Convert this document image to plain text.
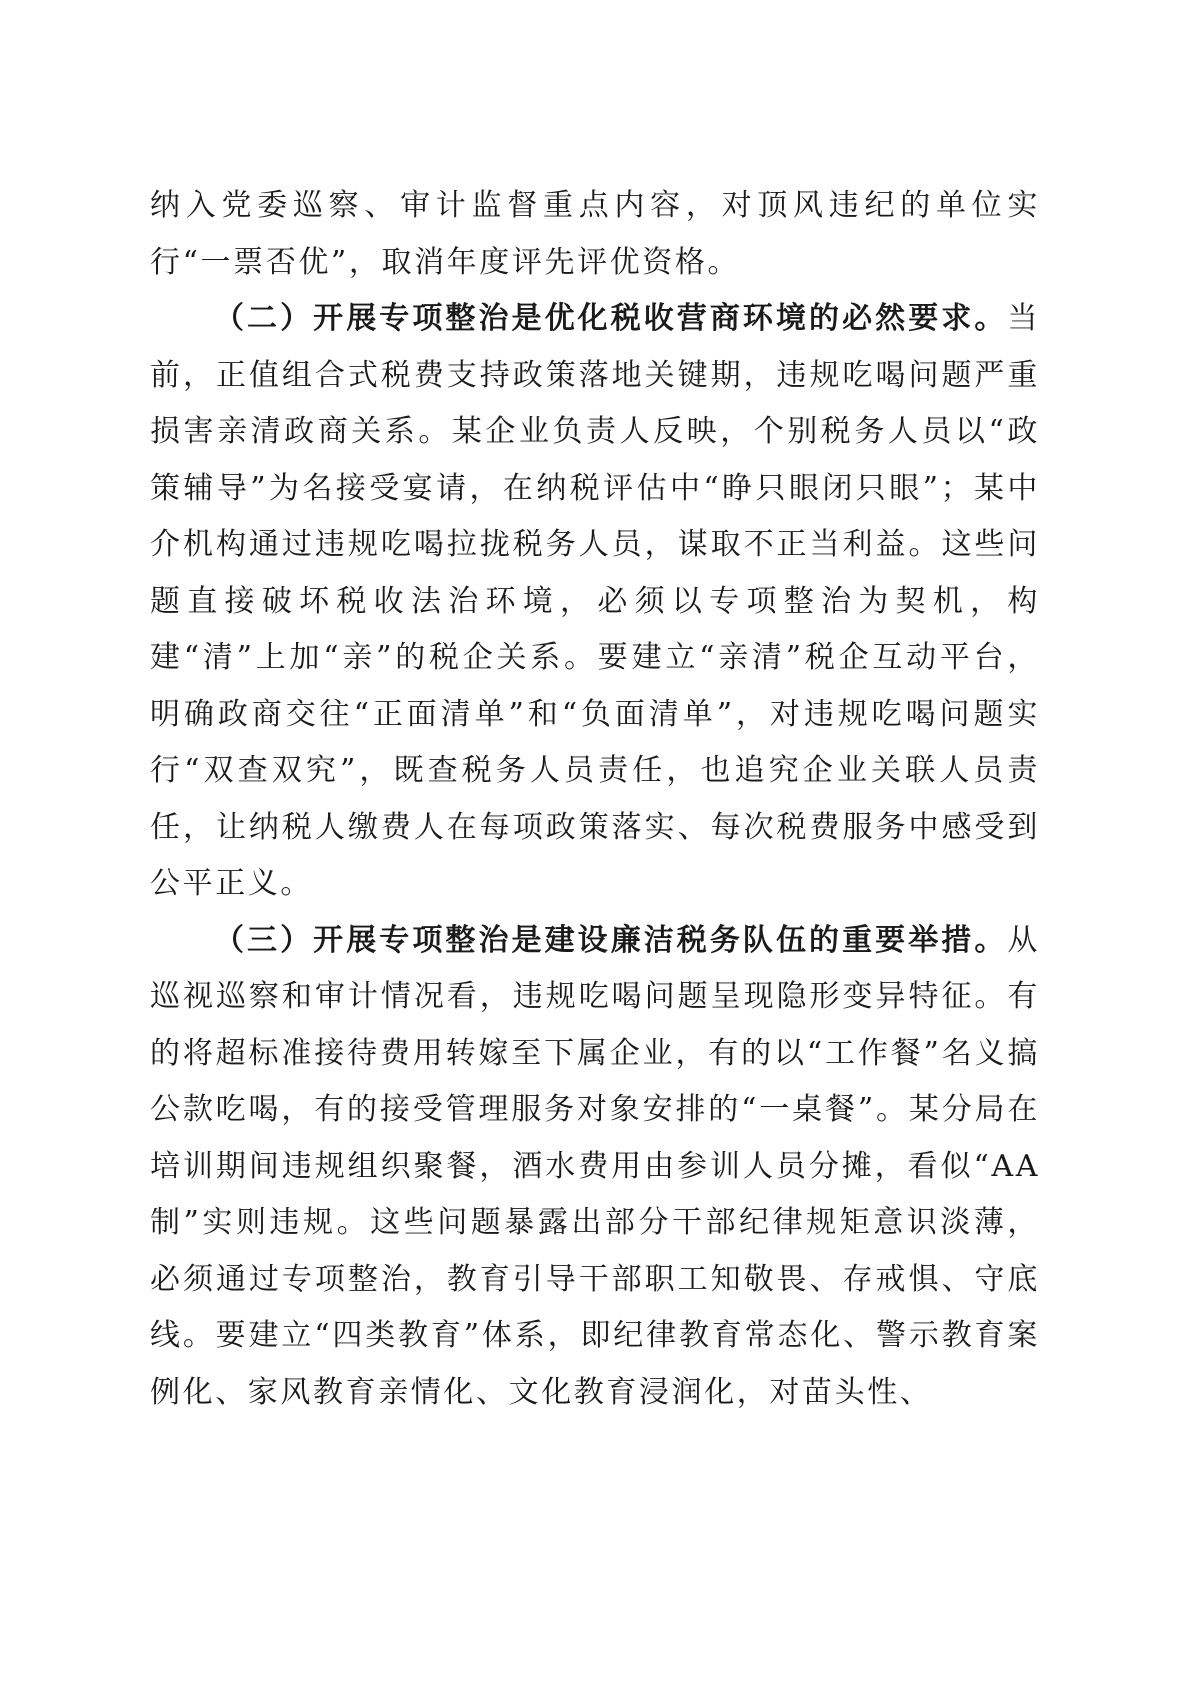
纳入党委巡察、审计监督重点内容，对顶风违纪的单位实行“一票否优”，取消年度评先评优资格。

（二）开展专项整治是优化税收营商环境的必然要求。当前，正值组合式税费支持政策落地关键期，违规吃喝问题严重损害亲清政商关系。某企业负责人反映，个别税务人员以“政策辅导”为名接受宴请，在纳税评估中“睁只眼闭只眼”；某中介机构通过违规吃喝拉拢税务人员，谋取不正当利益。这些问题直接破坏税收法治环境，必须以专项整治为契机，构建“清”上加“亲”的税企关系。要建立“亲清”税企互动平台，明确政商交往“正面清单”和“负面清单”，对违规吃喝问题实行“双查双究”，既查税务人员责任，也追究企业关联人员责任，让纳税人缴费人在每项政策落实、每次税费服务中感受到公平正义。

（三）开展专项整治是建设廉洁税务队伍的重要举措。从巡视巡察和审计情况看，违规吃喝问题呈现隐形变异特征。有的将超标准接待费用转嫁至下属企业，有的以“工作餐”名义搞公款吃喝，有的接受管理服务对象安排的“一桌餐”。某分局在培训期间违规组织聚餐，酒水费用由参训人员分摊，看似“AA制”实则违规。这些问题暴露出部分干部纪律规矩意识淡薄，必须通过专项整治，教育引导干部职工知敬畏、存戒惧、守底线。要建立“四类教育”体系，即纪律教育常态化、警示教育案例化、家风教育亲情化、文化教育浸润化，对苗头性、
